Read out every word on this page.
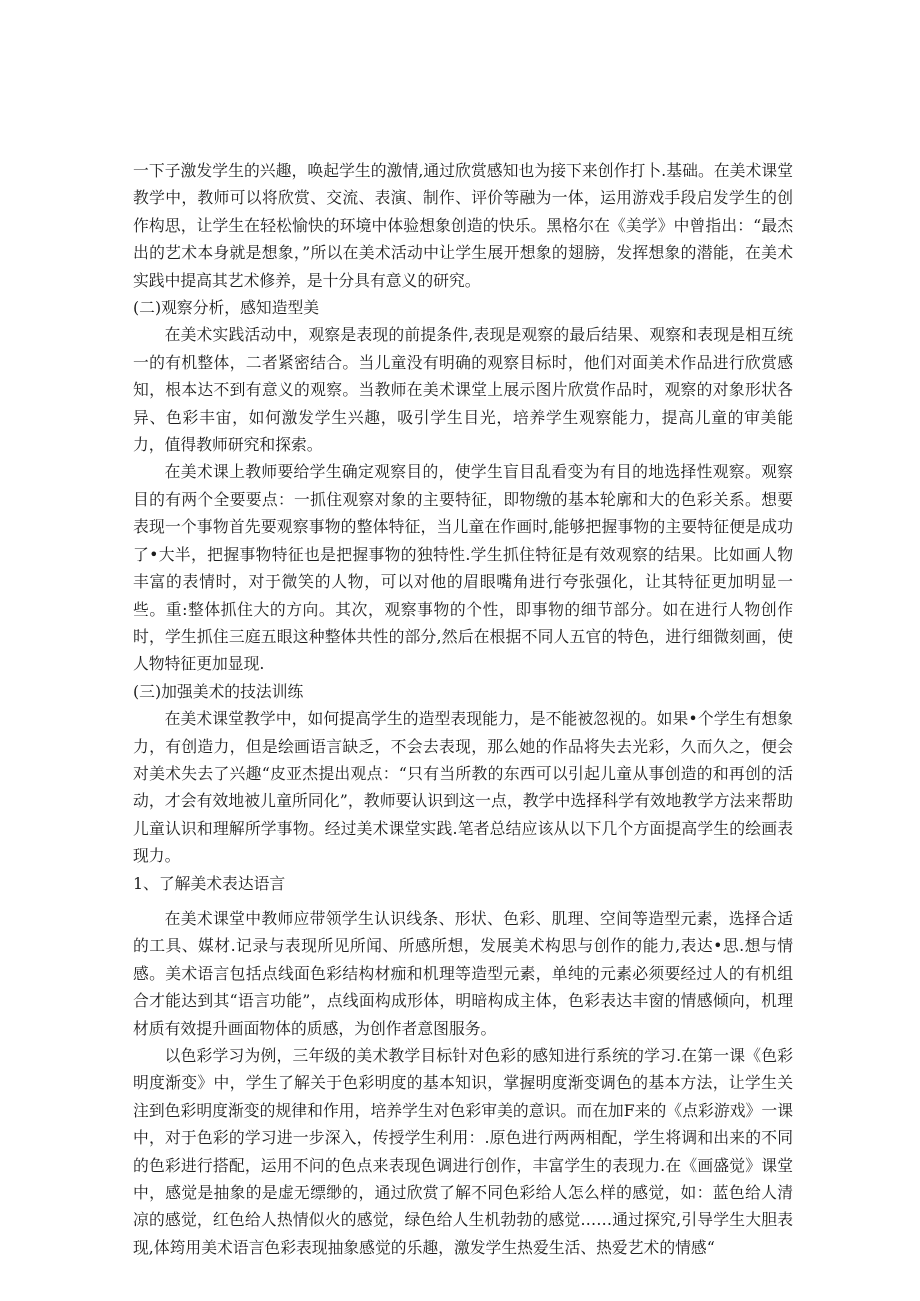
一下子激发学生的兴趣，唤起学生的激情,通过欣赏感知也为接下来创作打卜.基础。在美术课堂教学中，教师可以将欣赏、交流、表演、制作、评价等融为一体，运用游戏手段启发学生的创作构思，让学生在轻松愉快的环境中体验想象创造的快乐。黑格尔在《美学》中曾指出：“最杰出的艺术本身就是想象，”所以在美术活动中让学生展开想象的翅膀，发挥想象的潜能，在美术实践中提高其艺术修养，是十分具有意义的研究。

(二)观察分析，感知造型美

在美术实践活动中，观察是表现的前提条件,表现是观察的最后结果、观察和表现是相互统一的有机整体，二者紧密结合。当儿童没有明确的观察目标时，他们对面美术作品进行欣赏感知，根本达不到有意义的观察。当教师在美术课堂上展示图片欣赏作品时，观察的对象形状各异、色彩丰宙，如何激发学生兴趣，吸引学生目光，培养学生观察能力，提高儿童的审美能力，值得教师研究和探索。

在美术课上教师要给学生确定观察目的，使学生盲目乱看变为有目的地选择性观察。观察目的有两个全要要点：一抓住观察对象的主要特征，即物缴的基本轮廓和大的色彩关系。想要表现一个事物首先要观察事物的整体特征，当儿童在作画时,能够把握事物的主要特征便是成功了•大半，把握事物特征也是把握事物的独特性.学生抓住特征是有效观察的结果。比如画人物丰富的表情时，对于微笑的人物，可以对他的眉眼嘴角进行夸张强化，让其特征更加明显一些。重:整体抓住大的方向。其次，观察事物的个性，即事物的细节部分。如在进行人物创作时，学生抓住三庭五眼这种整体共性的部分,然后在根据不同人五官的特色，进行细微刻画，使人物特征更加显现.

(三)加强美术的技法训练

在美术课堂教学中，如何提高学生的造型表现能力，是不能被忽视的。如果•个学生有想象力，有创造力，但是绘画语言缺乏，不会去表现，那么她的作品将失去光彩，久而久之，便会对美术失去了兴趣“皮亚杰提出观点：“只有当所教的东西可以引起儿童从事创造的和再创的活动，才会有效地被儿童所同化”，教师要认识到这一点，教学中选择科学有效地教学方法来帮助儿童认识和理解所学事物。经过美术课堂实践.笔者总结应该从以下几个方面提高学生的绘画表现力。

1、了解美术表达语言

在美术课堂中教师应带领学生认识线条、形状、色彩、肌理、空间等造型元素，选择合适的工具、媒材.记录与表现所见所闻、所感所想，发展美术构思与创作的能力,表达•思.想与情感。美术语言包括点线面色彩结构材痂和机理等造型元素，单纯的元素必须要经过人的有机组合才能达到其“语言功能”，点线面构成形体，明暗构成主体，色彩表达丰窗的情感倾向，机理材质有效提升画面物体的质感，为创作者意图服务。

以色彩学习为例，三年级的美术教学目标针对色彩的感知进行系统的学习.在第一课《色彩明度渐变》中，学生了解关于色彩明度的基本知识，掌握明度渐变调色的基本方法，让学生关注到色彩明度渐变的规律和作用，培养学生对色彩审美的意识。而在加F来的《点彩游戏》一课中，对于色彩的学习进一步深入，传授学生利用：.原色进行两两相配，学生将调和出来的不同的色彩进行搭配，运用不问的色点来表现色调进行创作，丰富学生的表现力.在《画盛觉》课堂中，感觉是抽象的是虚无缥缈的，通过欣赏了解不同色彩给人怎么样的感觉，如：蓝色给人清凉的感觉，红色给人热情似火的感觉，绿色给人生机勃勃的感觉……通过探究,引导学生大胆表现,体筠用美术语言色彩表现抽象感觉的乐趣，激发学生热爱生活、热爱艺术的情感“
